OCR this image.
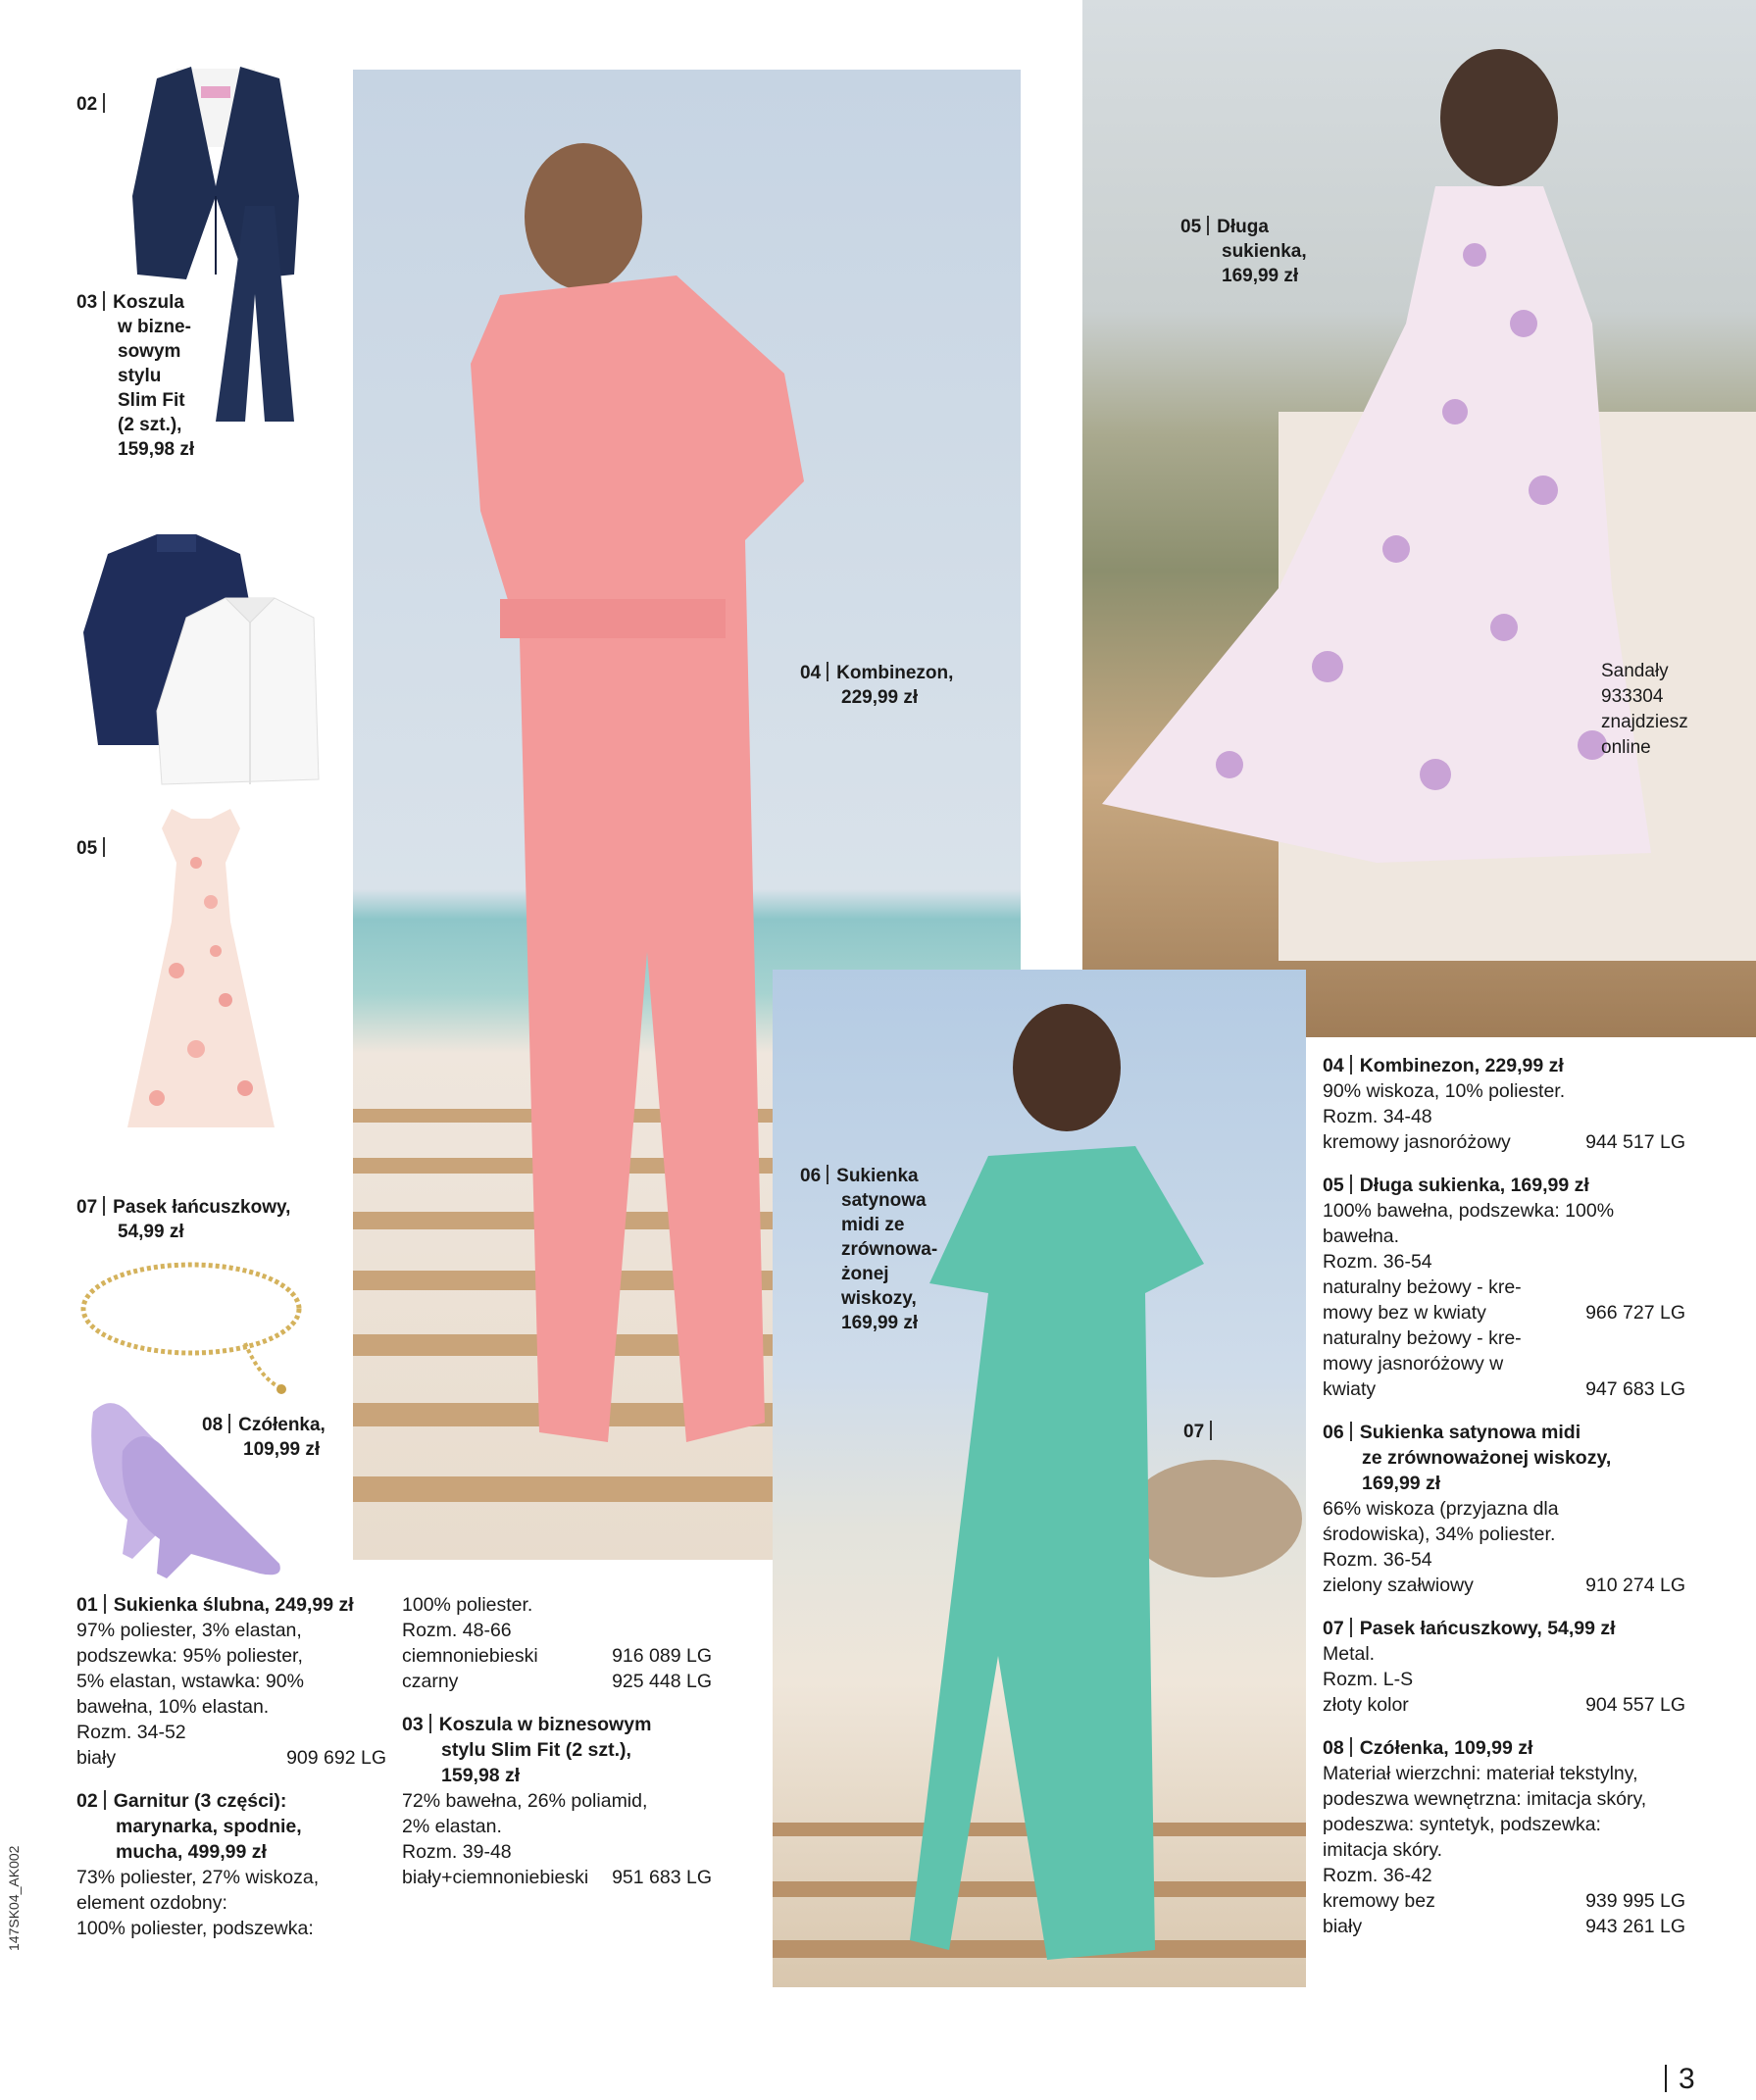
02
03 Koszula
w bizne-
sowym
stylu
Slim Fit
(2 szt.),
159,98 zł
05
07 Pasek łańcuszkowy,
54,99 zł
08 Czółenka,
109,99 zł
04 Kombinezon,
229,99 zł
05 Długa
sukienka,
169,99 zł
06 Sukienka
satynowa
midi ze
zrównowa-
żonej
wiskozy,
169,99 zł
07
Sandały
933304
znajdziesz
online
01 Sukienka ślubna, 249,99 zł
97% poliester, 3% elastan,
podszewka: 95% poliester,
5% elastan, wstawka: 90%
bawełna, 10% elastan.
Rozm. 34-52
biały	909 692 LG
02 Garnitur (3 części):
marynarka, spodnie,
mucha, 499,99 zł
73% poliester, 27% wiskoza,
element ozdobny:
100% poliester, podszewka:
100% poliester.
Rozm. 48-66
ciemnoniebieski	916 089 LG
czarny	925 448 LG
03 Koszula w biznesowym
stylu Slim Fit (2 szt.),
159,98 zł
72% bawełna, 26% poliamid,
2% elastan.
Rozm. 39-48
biały+ciemnoniebieski 951 683 LG
04 Kombinezon, 229,99 zł
90% wiskoza, 10% poliester.
Rozm. 34-48
kremowy jasnoróżowy	944 517 LG
05 Długa sukienka, 169,99 zł
100% bawełna, podszewka: 100%
bawełna.
Rozm. 36-54
naturalny beżowy - kre-
mowy bez w kwiaty	966 727 LG
naturalny beżowy - kre-
mowy jasnoróżowy w
kwiaty	947 683 LG
06 Sukienka satynowa midi
ze zrównoważonej wiskozy,
169,99 zł
66% wiskoza (przyjazna dla
środowiska), 34% poliester.
Rozm. 36-54
zielony szałwiowy	910 274 LG
07 Pasek łańcuszkowy, 54,99 zł
Metal.
Rozm. L-S
złoty kolor	904 557 LG
08 Czółenka, 109,99 zł
Materiał wierzchni: materiał tekstylny,
podeszwa wewnętrzna: imitacja skóry,
podeszwa: syntetyk, podszewka:
imitacja skóry.
Rozm. 36-42
kremowy bez	939 995 LG
biały	943 261 LG
147SK04_AK002
3
